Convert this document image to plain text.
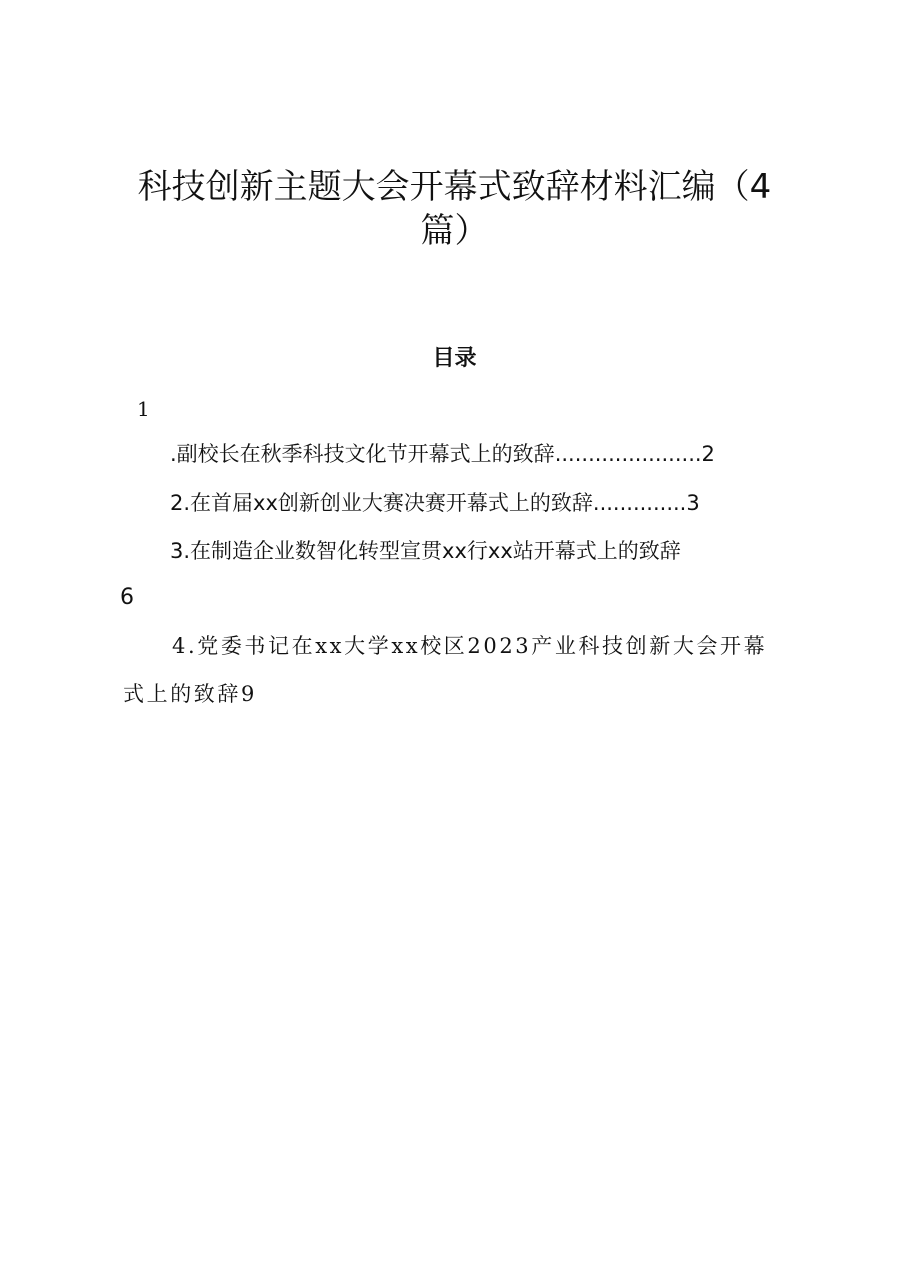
科技创新主题大会开幕式致辞材料汇编（4
篇）
目录
1
.副校长在秋季科技文化节开幕式上的致辞......................2
2.在首届xx创新创业大赛决赛开幕式上的致辞..............3
3.在制造企业数智化转型宣贯xx行xx站开幕式上的致辞
6
4.党委书记在xx大学xx校区2023产业科技创新大会开幕
式上的致辞9
